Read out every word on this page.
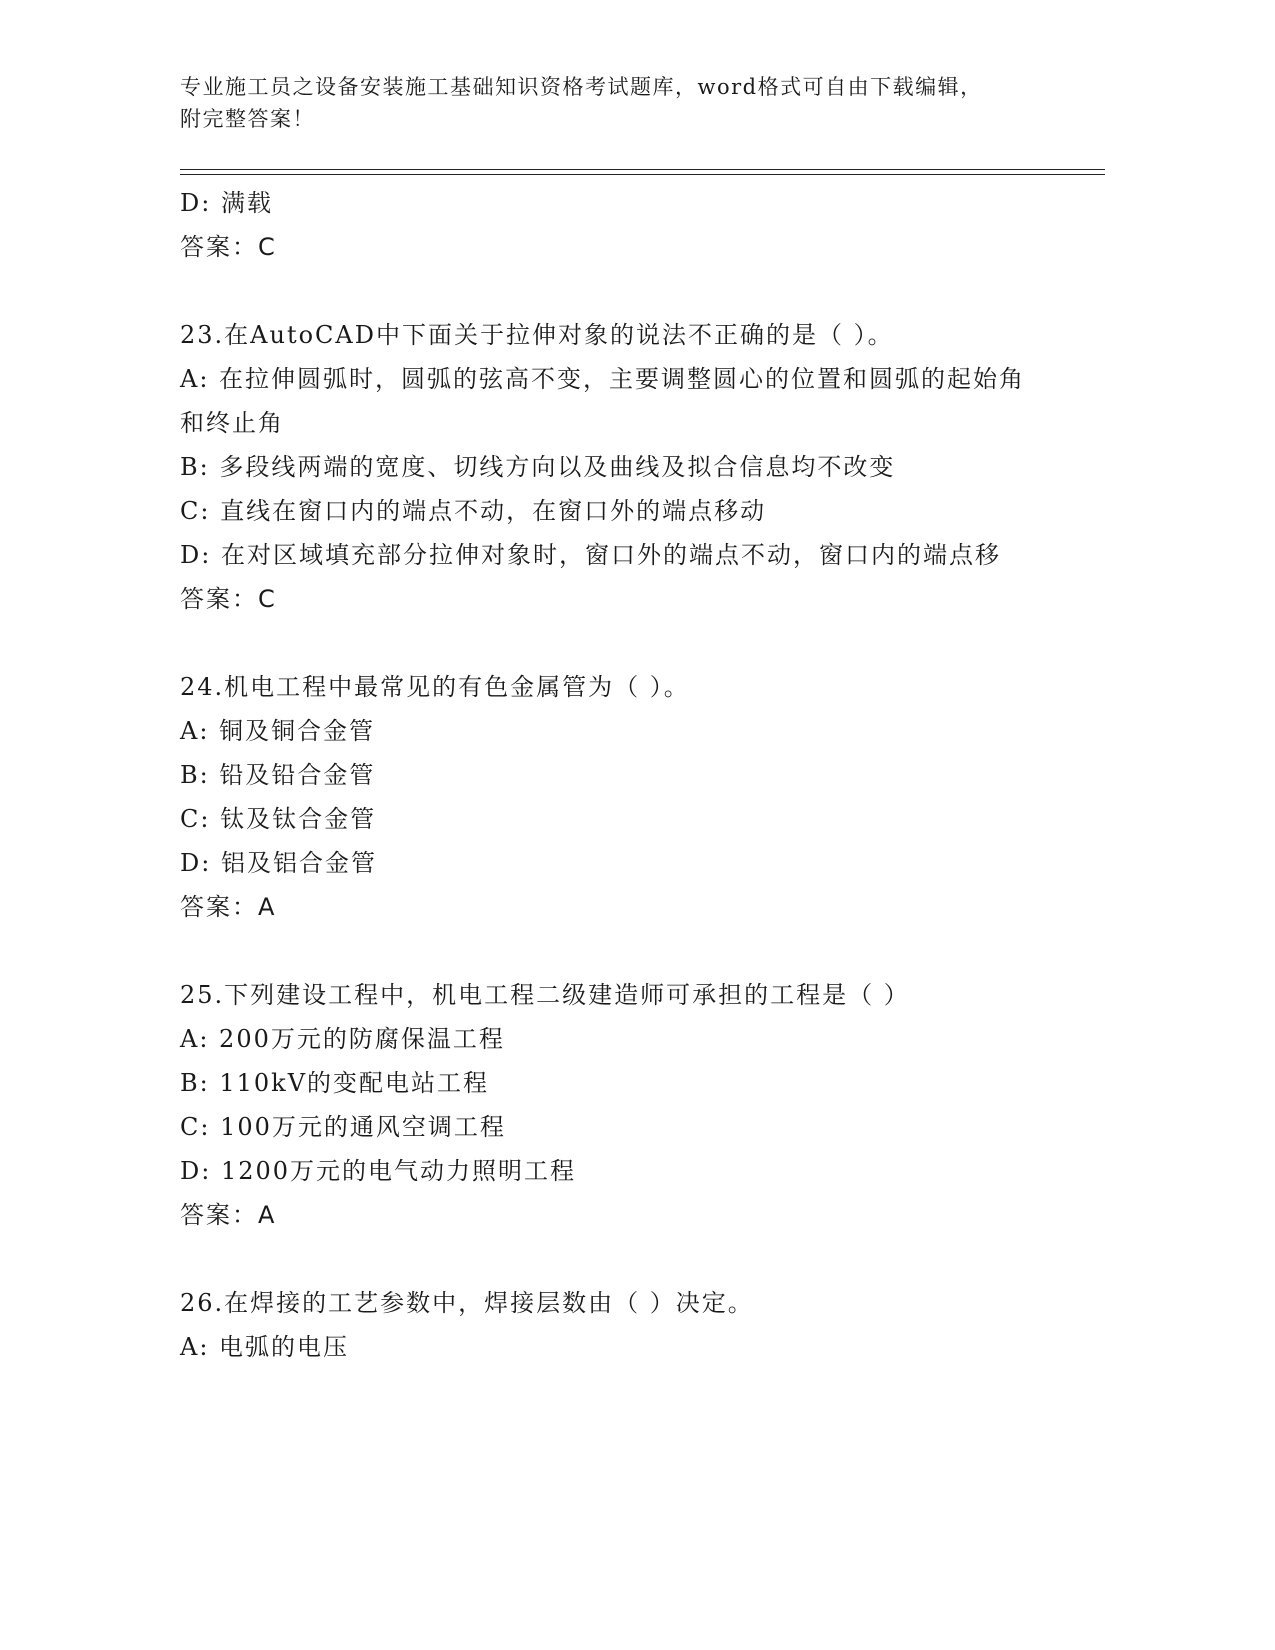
专业施工员之设备安装施工基础知识资格考试题库，word格式可自由下载编辑，
附完整答案！
D: 满载
答案：C
23.在AutoCAD中下面关于拉伸对象的说法不正确的是（ ）。
A: 在拉伸圆弧时，圆弧的弦高不变，主要调整圆心的位置和圆弧的起始角和终止角
B: 多段线两端的宽度、切线方向以及曲线及拟合信息均不改变
C: 直线在窗口内的端点不动，在窗口外的端点移动
D: 在对区域填充部分拉伸对象时，窗口外的端点不动，窗口内的端点移
答案：C
24.机电工程中最常见的有色金属管为（ ）。
A: 铜及铜合金管
B: 铅及铅合金管
C: 钛及钛合金管
D: 铝及铝合金管
答案：A
25.下列建设工程中，机电工程二级建造师可承担的工程是（ ）
A: 200万元的防腐保温工程
B: 110kV的变配电站工程
C: 100万元的通风空调工程
D: 1200万元的电气动力照明工程
答案：A
26.在焊接的工艺参数中，焊接层数由（ ）决定。
A: 电弧的电压
